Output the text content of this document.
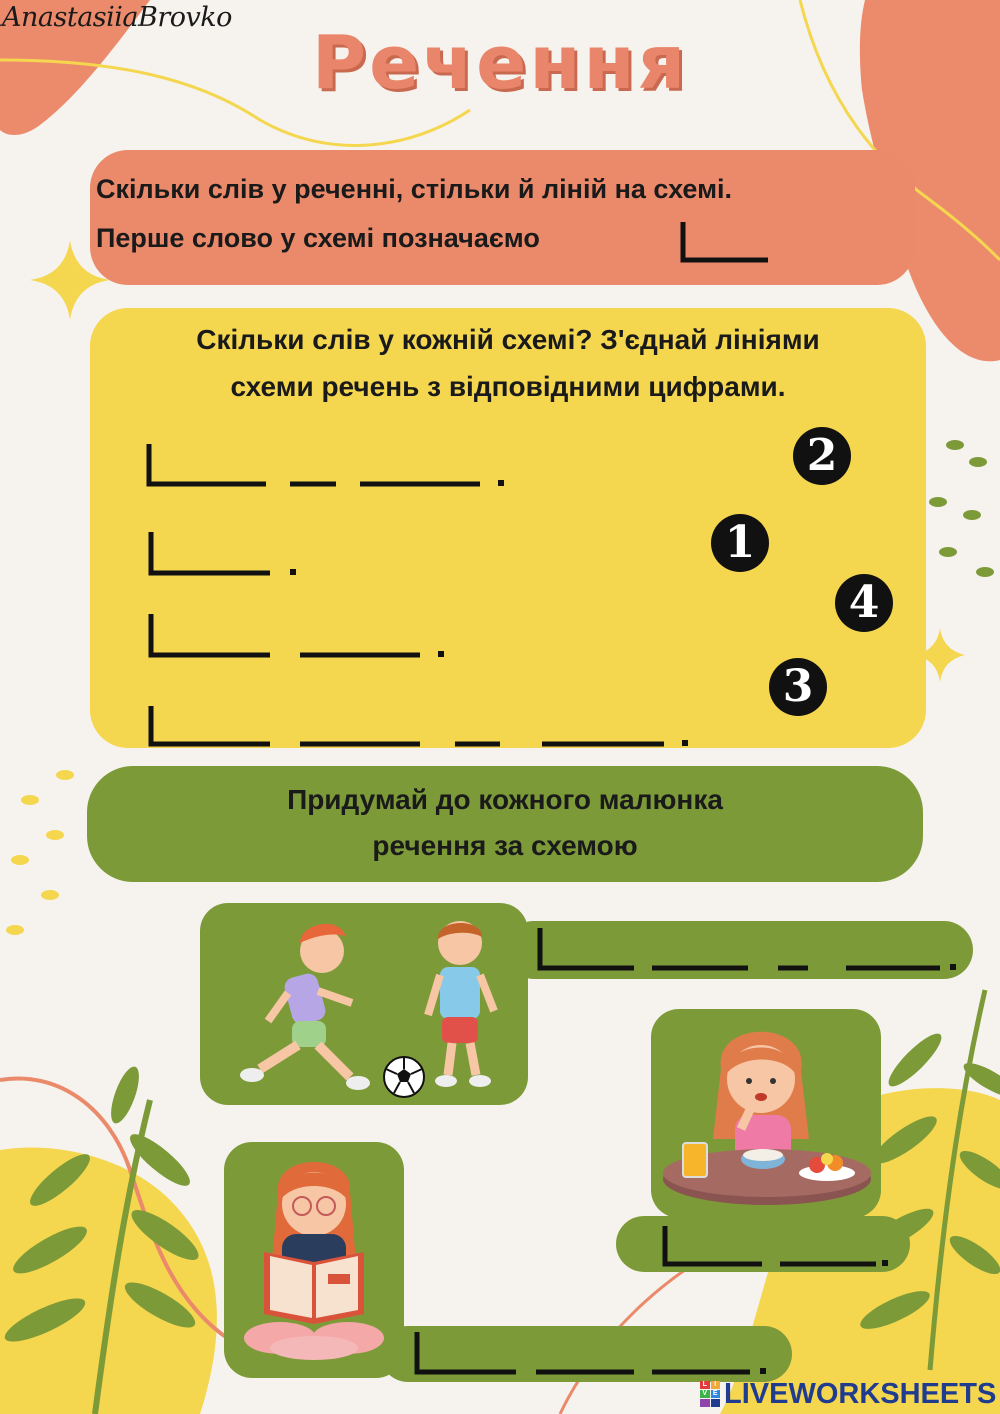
AnastasiiaBrovko
Речення
Скільки слів у реченні, стільки й ліній на схемі.
Перше слово у схемі позначаємо
Скільки слів у кожній схемі? З'єднай лініями
схеми речень з відповідними цифрами.
2
1
4
3
Придумай до кожного малюнка
речення за схемою
L	I
V E LIVEWORKSHEETS
